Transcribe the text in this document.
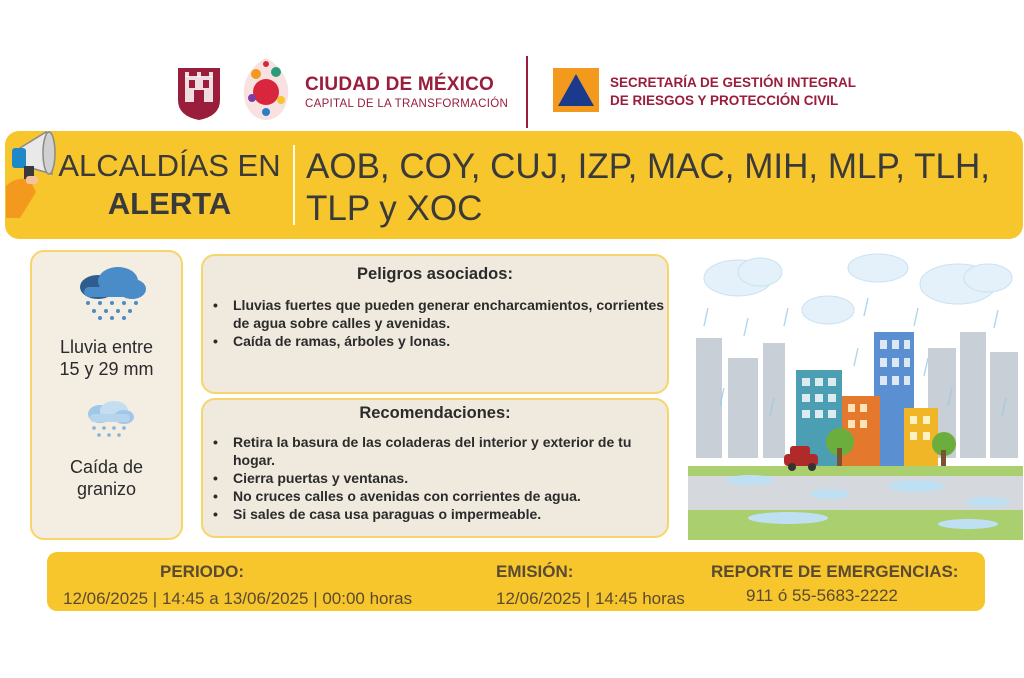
CIUDAD DE MÉXICO
CAPITAL DE LA TRANSFORMACIÓN
SECRETARÍA DE GESTIÓN INTEGRAL
DE RIESGOS Y PROTECCIÓN CIVIL
ALCALDÍAS EN
ALERTA
AOB, COY, CUJ, IZP, MAC, MIH, MLP, TLH,
TLP y XOC
Lluvia entre
15 y 29 mm
Caída de
granizo
Peligros asociados:
• Lluvias fuertes que pueden generar encharcamientos, corrientes de agua sobre calles y avenidas.
• Caída de ramas, árboles y lonas.
Recomendaciones:
• Retira la basura de las coladeras del interior y exterior de tu hogar.
• Cierra puertas y ventanas.
• No cruces calles o avenidas con corrientes de agua.
• Si sales de casa usa paraguas o impermeable.
PERIODO:
12/06/2025 | 14:45 a 13/06/2025 | 00:00 horas
EMISIÓN:
12/06/2025 | 14:45 horas
REPORTE DE EMERGENCIAS:
911 ó 55-5683-2222
